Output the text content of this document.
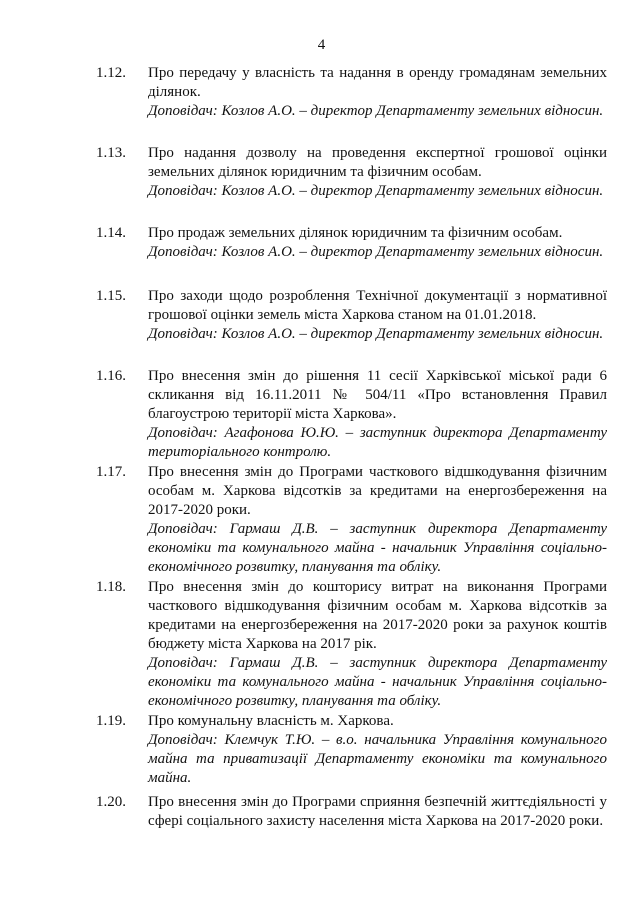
4
1.12. Про передачу у власність та надання в оренду громадянам земельних ділянок.
Доповідач: Козлов А.О. – директор Департаменту земельних відносин.
1.13. Про надання дозволу на проведення експертної грошової оцінки земельних ділянок юридичним та фізичним особам.
Доповідач: Козлов А.О. – директор Департаменту земельних відносин.
1.14. Про продаж земельних ділянок юридичним та фізичним особам.
Доповідач: Козлов А.О. – директор Департаменту земельних відносин.
1.15. Про заходи щодо розроблення Технічної документації з нормативної грошової оцінки земель міста Харкова станом на 01.01.2018.
Доповідач: Козлов А.О. – директор Департаменту земельних відносин.
1.16. Про внесення змін до рішення 11 сесії Харківської міської ради 6 скликання від 16.11.2011 № 504/11 «Про встановлення Правил благоустрою території міста Харкова».
Доповідач: Агафонова Ю.Ю. – заступник директора Департаменту територіального контролю.
1.17. Про внесення змін до Програми часткового відшкодування фізичним особам м. Харкова відсотків за кредитами на енергозбереження на 2017-2020 роки.
Доповідач: Гармаш Д.В. – заступник директора Департаменту економіки та комунального майна - начальник Управління соціально-економічного розвитку, планування та обліку.
1.18. Про внесення змін до кошторису витрат на виконання Програми часткового відшкодування фізичним особам м. Харкова відсотків за кредитами на енергозбереження на 2017-2020 роки за рахунок коштів бюджету міста Харкова на 2017 рік.
Доповідач: Гармаш Д.В. – заступник директора Департаменту економіки та комунального майна - начальник Управління соціально-економічного розвитку, планування та обліку.
1.19. Про комунальну власність м. Харкова.
Доповідач: Клемчук Т.Ю. – в.о. начальника Управління комунального майна та приватизації Департаменту економіки та комунального майна.
1.20. Про внесення змін до Програми сприяння безпечній життєдіяльності у сфері соціального захисту населення міста Харкова на 2017-2020 роки.
